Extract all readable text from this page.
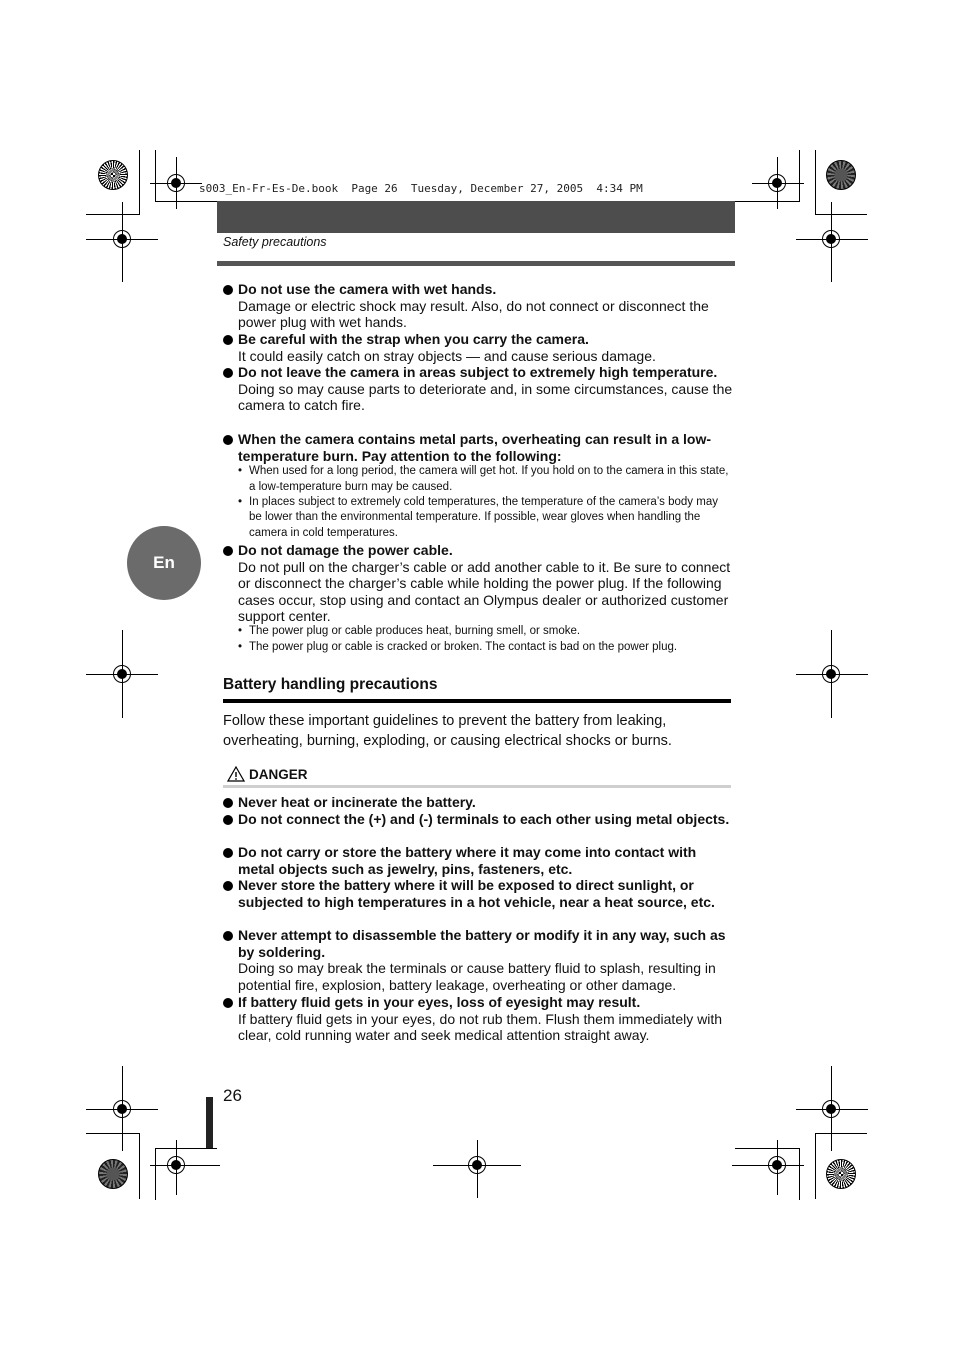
s003_En-Fr-Es-De.book  Page 26  Tuesday, December 27, 2005  4:34 PM
Safety precautions
En
Do not use the camera with wet hands.
Damage or electric shock may result. Also, do not connect or disconnect the power plug with wet hands.
Be careful with the strap when you carry the camera.
It could easily catch on stray objects — and cause serious damage.
Do not leave the camera in areas subject to extremely high temperature.
Doing so may cause parts to deteriorate and, in some circumstances, cause the camera to catch fire.
When the camera contains metal parts, overheating can result in a low-temperature burn. Pay attention to the following:
• When used for a long period, the camera will get hot. If you hold on to the camera in this state, a low-temperature burn may be caused.
• In places subject to extremely cold temperatures, the temperature of the camera’s body may be lower than the environmental temperature. If possible, wear gloves when handling the camera in cold temperatures.
Do not damage the power cable.
Do not pull on the charger’s cable or add another cable to it. Be sure to connect or disconnect the charger’s cable while holding the power plug. If the following cases occur, stop using and contact an Olympus dealer or authorized customer support center.
• The power plug or cable produces heat, burning smell, or smoke.
• The power plug or cable is cracked or broken. The contact is bad on the power plug.
Battery handling precautions
Follow these important guidelines to prevent the battery from leaking, overheating, burning, exploding, or causing electrical shocks or burns.
DANGER
Never heat or incinerate the battery.
Do not connect the (+) and (-) terminals to each other using metal objects.
Do not carry or store the battery where it may come into contact with metal objects such as jewelry, pins, fasteners, etc.
Never store the battery where it will be exposed to direct sunlight, or subjected to high temperatures in a hot vehicle, near a heat source, etc.
Never attempt to disassemble the battery or modify it in any way, such as by soldering.
Doing so may break the terminals or cause battery fluid to splash, resulting in potential fire, explosion, battery leakage, overheating or other damage.
If battery fluid gets in your eyes, loss of eyesight may result.
If battery fluid gets in your eyes, do not rub them. Flush them immediately with clear, cold running water and seek medical attention straight away.
26
